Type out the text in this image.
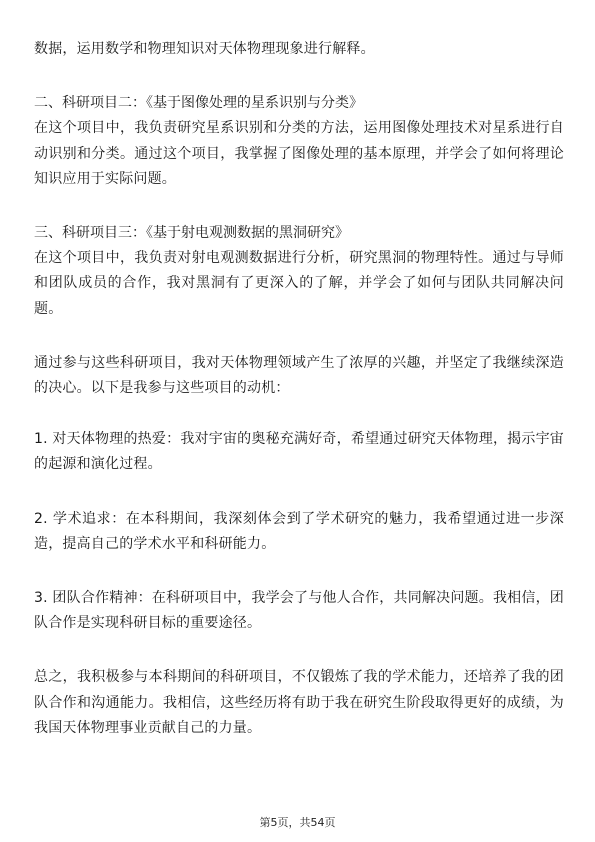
数据，运用数学和物理知识对天体物理现象进行解释。

二、科研项目二：《基于图像处理的星系识别与分类》

在这个项目中，我负责研究星系识别和分类的方法，运用图像处理技术对星系进行自动识别和分类。通过这个项目，我掌握了图像处理的基本原理，并学会了如何将理论知识应用于实际问题。

三、科研项目三：《基于射电观测数据的黑洞研究》

在这个项目中，我负责对射电观测数据进行分析，研究黑洞的物理特性。通过与导师和团队成员的合作，我对黑洞有了更深入的了解，并学会了如何与团队共同解决问题。

通过参与这些科研项目，我对天体物理领域产生了浓厚的兴趣，并坚定了我继续深造的决心。以下是我参与这些项目的动机：

1. 对天体物理的热爱：我对宇宙的奥秘充满好奇，希望通过研究天体物理，揭示宇宙的起源和演化过程。

2. 学术追求：在本科期间，我深刻体会到了学术研究的魅力，我希望通过进一步深造，提高自己的学术水平和科研能力。

3. 团队合作精神：在科研项目中，我学会了与他人合作，共同解决问题。我相信，团队合作是实现科研目标的重要途径。

总之，我积极参与本科期间的科研项目，不仅锻炼了我的学术能力，还培养了我的团队合作和沟通能力。我相信，这些经历将有助于我在研究生阶段取得更好的成绩，为我国天体物理事业贡献自己的力量。

第5页，共54页
